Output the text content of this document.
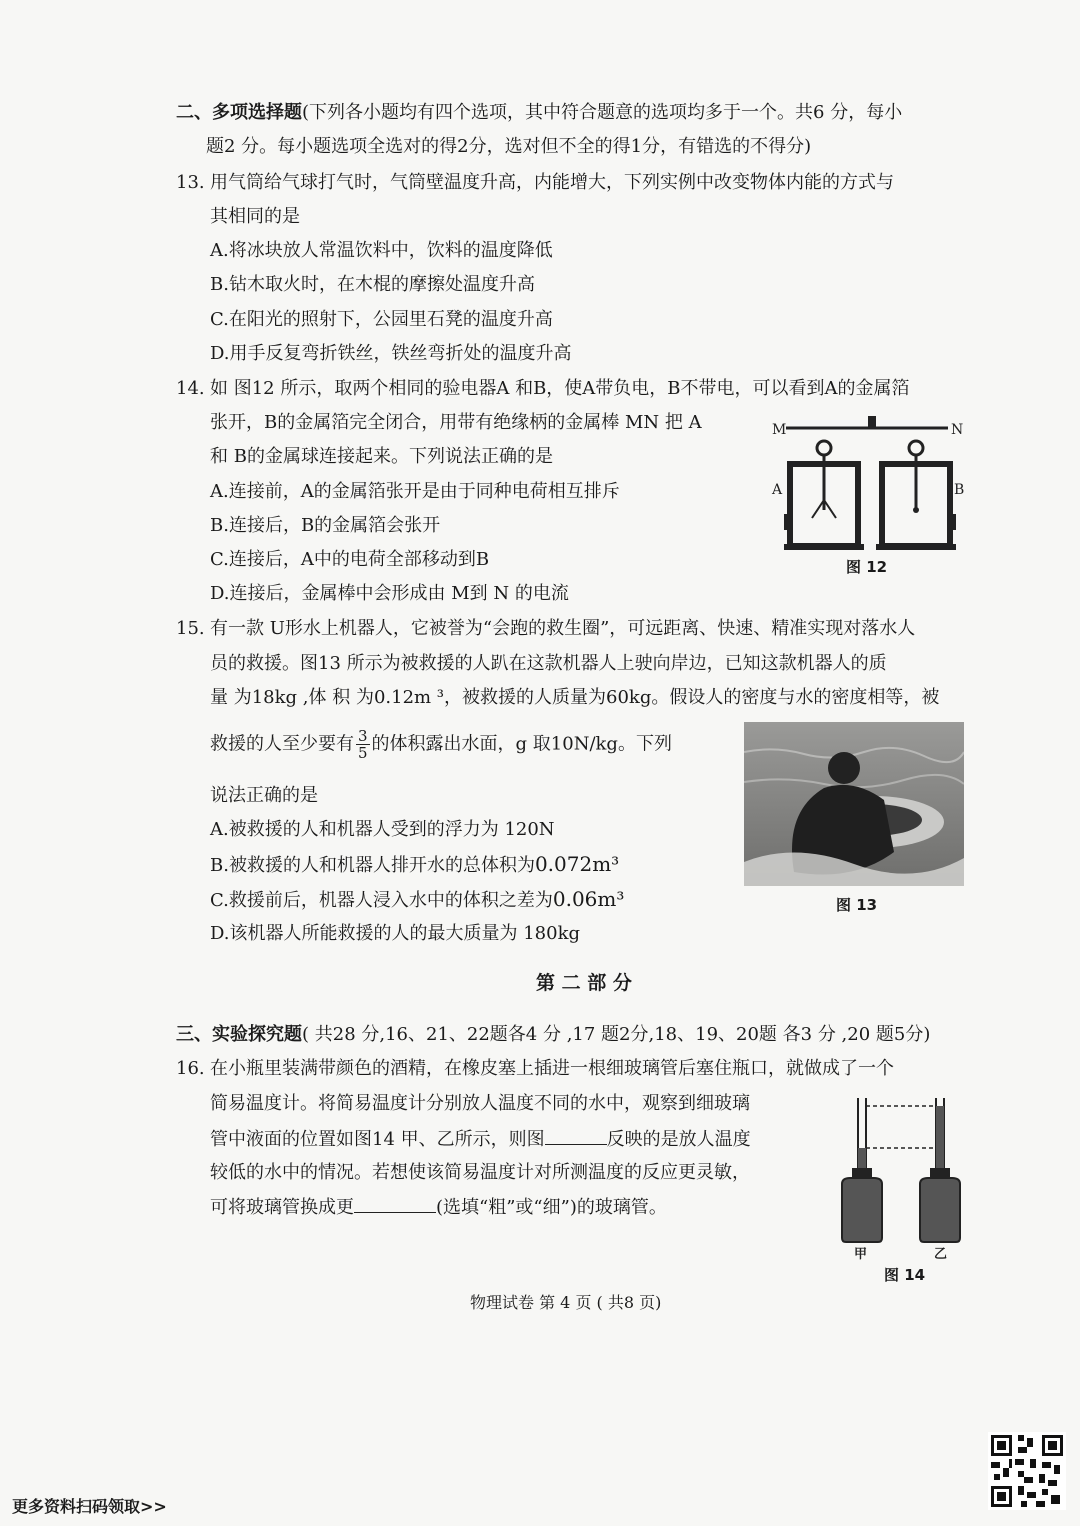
二、多项选择题(下列各小题均有四个选项，其中符合题意的选项均多于一个。共6 分，每小
题2 分。每小题选项全选对的得2分，选对但不全的得1分，有错选的不得分)
13. 用气筒给气球打气时，气筒壁温度升高，内能增大，下列实例中改变物体内能的方式与
其相同的是
A.将冰块放人常温饮料中，饮料的温度降低
B.钻木取火时，在木棍的摩擦处温度升高
C.在阳光的照射下，公园里石凳的温度升高
D.用手反复弯折铁丝，铁丝弯折处的温度升高
14. 如 图12 所示，取两个相同的验电器A 和B，使A带负电，B不带电，可以看到A的金属箔
张开，B的金属箔完全闭合，用带有绝缘柄的金属棒 MN 把 A
和 B的金属球连接起来。下列说法正确的是
A.连接前，A的金属箔张开是由于同种电荷相互排斥
B.连接后，B的金属箔会张开
C.连接后，A中的电荷全部移动到B
D.连接后，金属棒中会形成由 M到 N 的电流
M	N
A	B
图 12
15. 有一款 U形水上机器人，它被誉为“会跑的救生圈”，可远距离、快速、精准实现对落水人
员的救援。图13 所示为被救援的人趴在这款机器人上驶向岸边，已知这款机器人的质
量 为18kg ,体 积 为0.12m ³，被救援的人质量为60kg。假设人的密度与水的密度相等，被
救援的人至少要有 $\frac{3}{5}$ 的体积露出水面，g 取10N/kg。下列
说法正确的是
A.被救援的人和机器人受到的浮力为 120N
B.被救援的人和机器人排开水的总体积为0.072m³
C.救援前后，机器人浸入水中的体积之差为0.06m³
D.该机器人所能救援的人的最大质量为 180kg
图 13
第 二 部 分
三、实验探究题( 共28 分,16、21、22题各4 分 ,17 题2分,18、19、20题 各3 分 ,20 题5分)
16. 在小瓶里装满带颜色的酒精，在橡皮塞上插进一根细玻璃管后塞住瓶口，就做成了一个
简易温度计。将简易温度计分别放人温度不同的水中，观察到细玻璃
管中液面的位置如图14 甲、乙所示，则图	反映的是放人温度
较低的水中的情况。若想使该简易温度计对所测温度的反应更灵敏，
可将玻璃管换成更	(选填“粗”或“细”)的玻璃管。
甲	乙
图 14
物理试卷 第 4 页 ( 共8 页)
更多资料扫码领取>>
